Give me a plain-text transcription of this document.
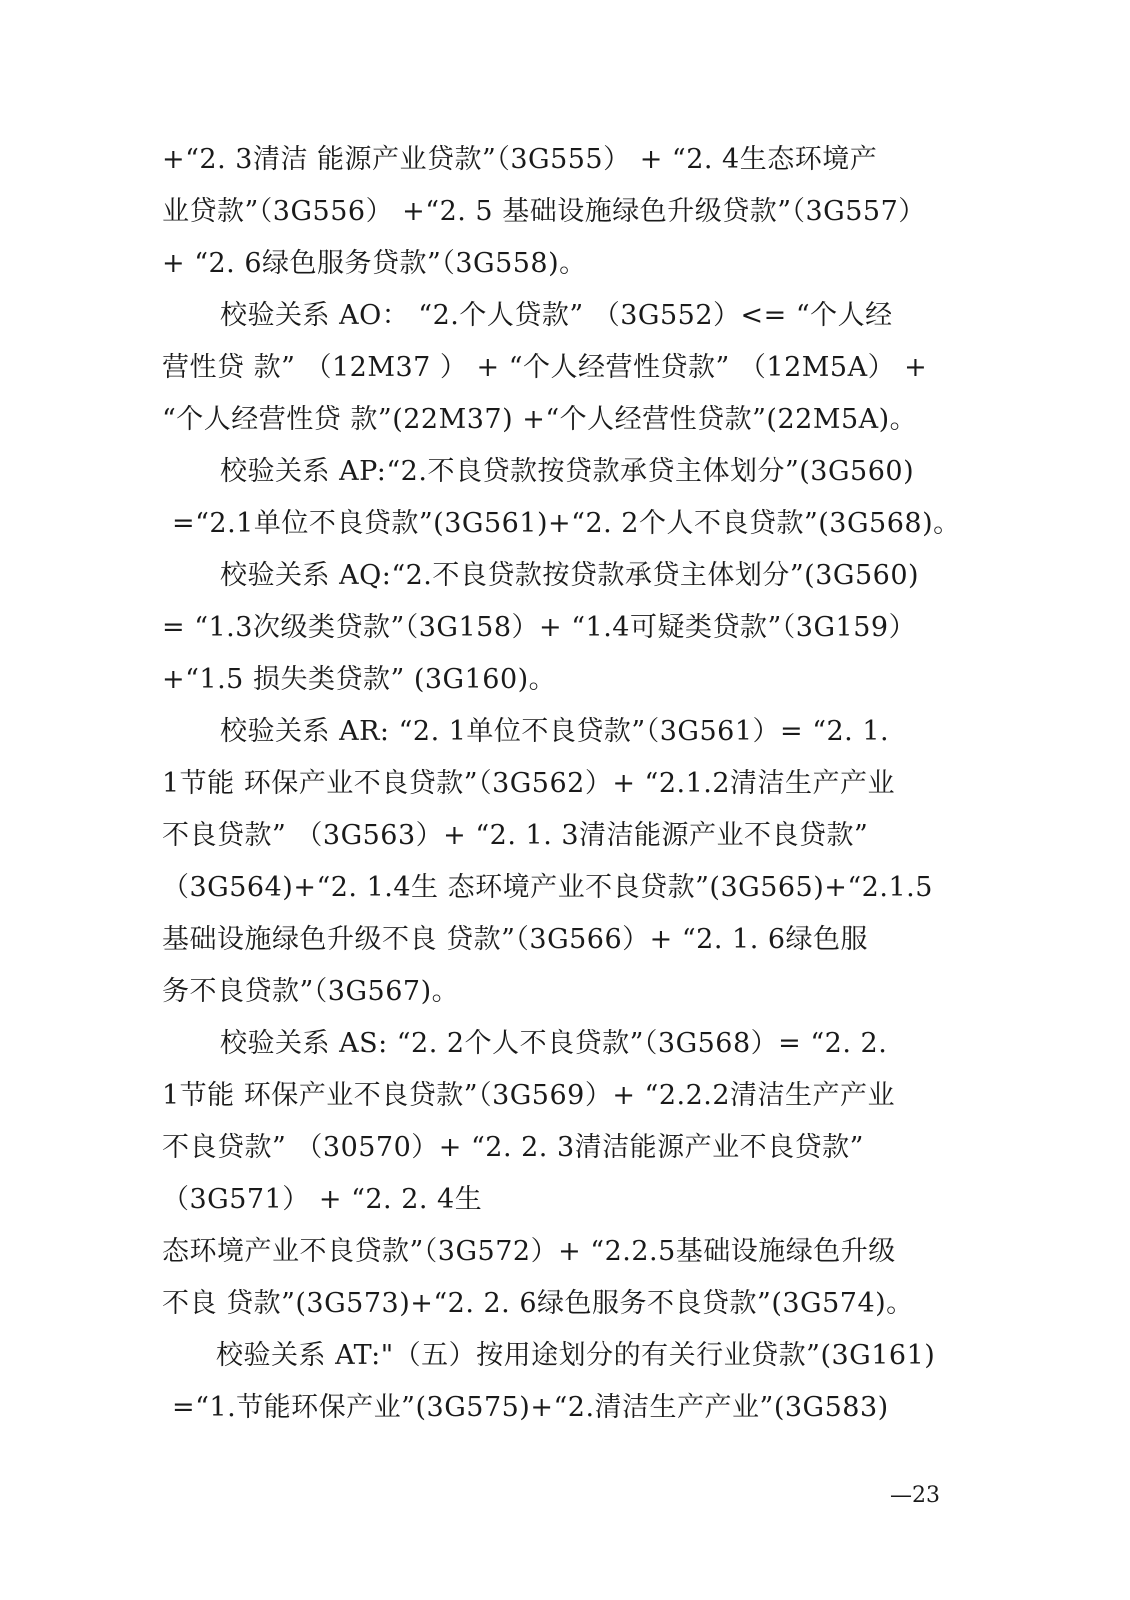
+“2. 3清洁 能源产业贷款”（3G555） + “2. 4生态环境产
业贷款”（3G556） +“2. 5 基础设施绿色升级贷款”（3G557）
+ “2. 6绿色服务贷款”（3G558)。
校验关系 AO： “2.个人贷款” （3G552）<= “个人经
营性贷 款” （12M37 ） + “个人经营性贷款” （12M5A） +
“个人经营性贷 款”(22M37) +“个人经营性贷款”(22M5A)。
校验关系 AP:“2.不良贷款按贷款承贷主体划分”(3G560)
=“2.1单位不良贷款”(3G561)+“2. 2个人不良贷款”(3G568)。
校验关系 AQ:“2.不良贷款按贷款承贷主体划分”(3G560)
= “1.3次级类贷款”（3G158）+ “1.4可疑类贷款”（3G159）
+“1.5 损失类贷款” (3G160)。
校验关系 AR: “2. 1单位不良贷款”（3G561）= “2. 1.
1节能 环保产业不良贷款”（3G562）+ “2.1.2清洁生产产业
不良贷款” （3G563）+ “2. 1. 3清洁能源产业不良贷款”
（3G564)+“2. 1.4生 态环境产业不良贷款”(3G565)+“2.1.5
基础设施绿色升级不良 贷款”（3G566）+ “2. 1. 6绿色服
务不良贷款”（3G567)。
校验关系 AS: “2. 2个人不良贷款”（3G568）= “2. 2.
1节能 环保产业不良贷款”（3G569）+ “2.2.2清洁生产产业
不良贷款” （30570）+ “2. 2. 3清洁能源产业不良贷款”
（3G571） + “2. 2. 4生
态环境产业不良贷款”（3G572）+ “2.2.5基础设施绿色升级
不良 贷款”(3G573)+“2. 2. 6绿色服务不良贷款”(3G574)。
校验关系 AT:"（五）按用途划分的有关行业贷款”(3G161)
=“1.节能环保产业”(3G575)+“2.清洁生产产业”(3G583)
—23
